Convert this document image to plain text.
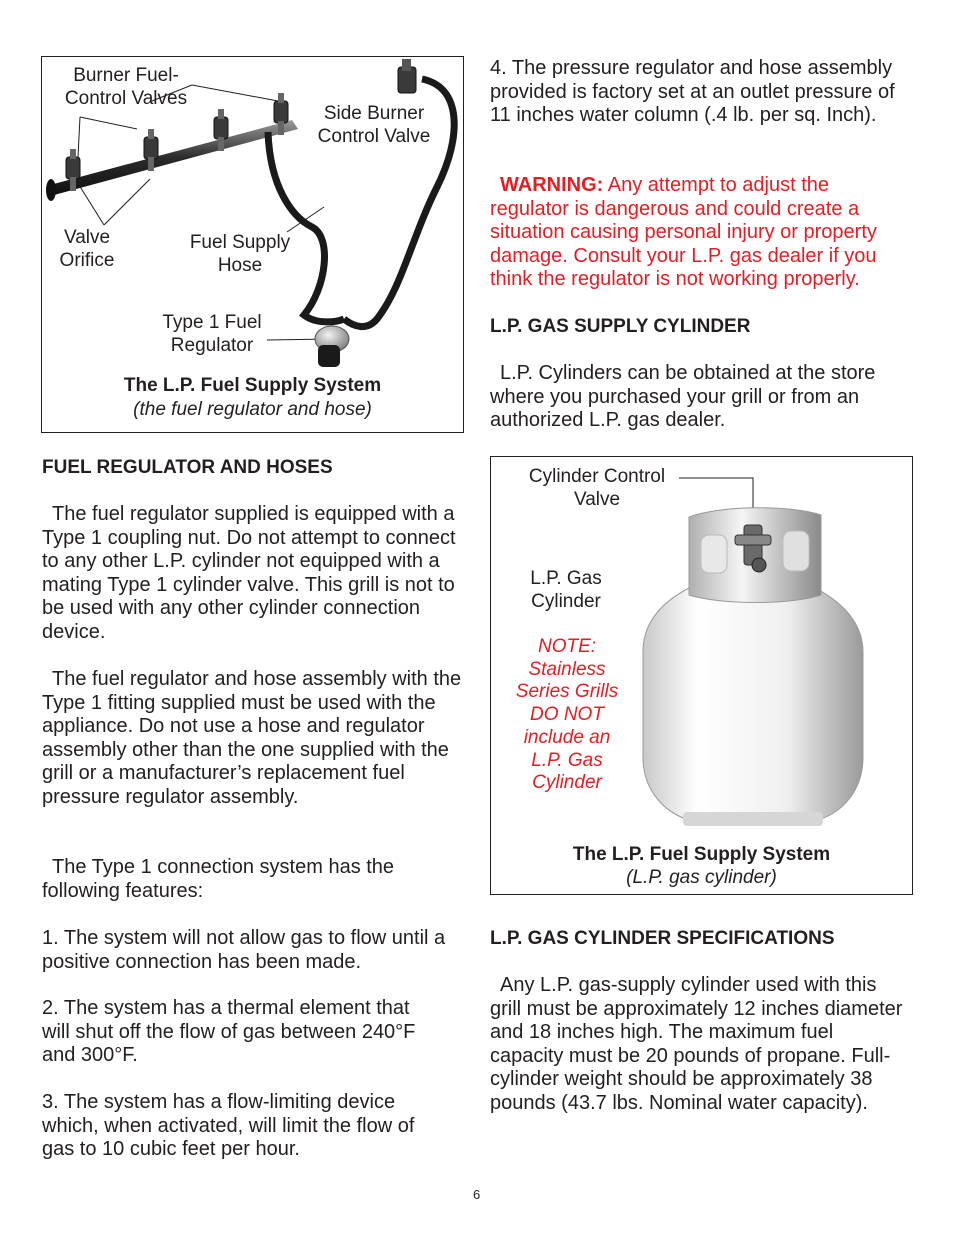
Burner Fuel-
Control Valves
Side Burner
Control Valve
Valve
Orifice
Fuel Supply
Hose
Type 1 Fuel
Regulator
The L.P. Fuel Supply System
(the fuel regulator and hose)

FUEL REGULATOR AND HOSES

The fuel regulator supplied is equipped with a Type 1 coupling nut. Do not attempt to connect to any other L.P. cylinder not equipped with a mating Type 1 cylinder valve. This grill is not to be used with any other cylinder connection device.

The fuel regulator and hose assembly with the Type 1 fitting supplied must be used with the appliance. Do not use a hose and regulator assembly other than the one supplied with the grill or a manufacturer’s replacement fuel pressure regulator assembly.

The Type 1 connection system has the following features:

1. The system will not allow gas to flow until a positive connection has been made.

2. The system has a thermal element that will shut off the flow of gas between 240°F and 300°F.

3. The system has a flow-limiting device which, when activated, will limit the flow of gas to 10 cubic feet per hour.

4. The pressure regulator and hose assembly provided is factory set at an outlet pressure of 11 inches water column (.4 lb. per sq. Inch).

WARNING: Any attempt to adjust the regulator is dangerous and could create a situation causing personal injury or property damage. Consult your L.P. gas dealer if you think the regulator is not working properly.

L.P. GAS SUPPLY CYLINDER

L.P. Cylinders can be obtained at the store where you purchased your grill or from an authorized L.P. gas dealer.

Cylinder Control
Valve
L.P. Gas
Cylinder
NOTE:
Stainless
Series Grills
DO NOT
include an
L.P. Gas
Cylinder
The L.P. Fuel Supply System
(L.P. gas cylinder)

L.P. GAS CYLINDER SPECIFICATIONS

Any L.P. gas-supply cylinder used with this grill must be approximately 12 inches diameter and 18 inches high. The maximum fuel capacity must be 20 pounds of propane. Full-cylinder weight should be approximately 38 pounds (43.7 lbs. Nominal water capacity).

6
